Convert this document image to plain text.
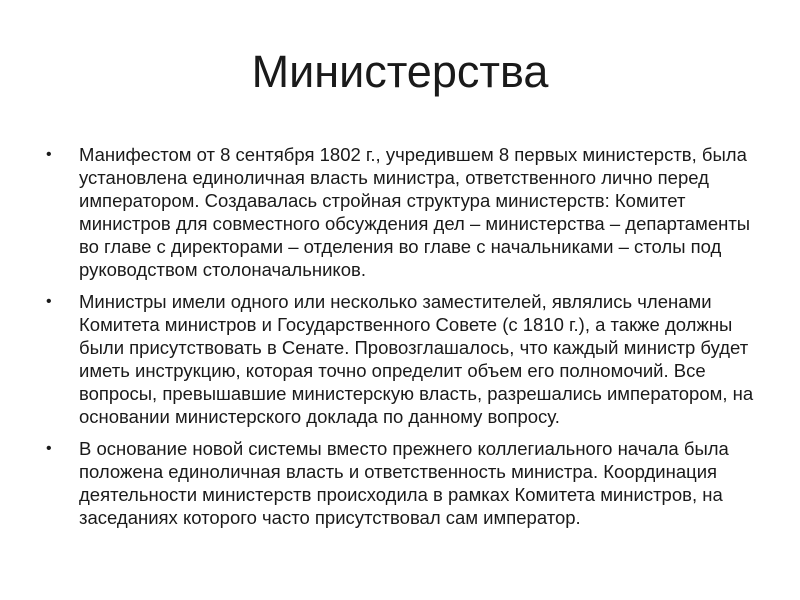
Министерства
• Манифестом от 8 сентября 1802 г., учредившем 8 первых министерств, была установлена единоличная власть министра, ответственного лично перед императором. Создавалась стройная структура министерств: Комитет министров для совместного обсуждения дел – министерства – департаменты во главе с директорами – отделения во главе с начальниками – столы под руководством столоначальников.
• Министры имели одного или несколько заместителей, являлись членами Комитета министров и Государственного Совете (с 1810 г.), а также должны были присутствовать в Сенате. Провозглашалось, что каждый министр будет иметь инструкцию, которая точно определит объем его полномочий. Все вопросы, превышавшие министерскую власть, разрешались императором, на основании министерского доклада по данному вопросу.
• В основание новой системы вместо прежнего коллегиального начала была положена единоличная власть и ответственность министра. Координация деятельности министерств происходила в рамках Комитета министров, на заседаниях которого часто присутствовал сам император.
